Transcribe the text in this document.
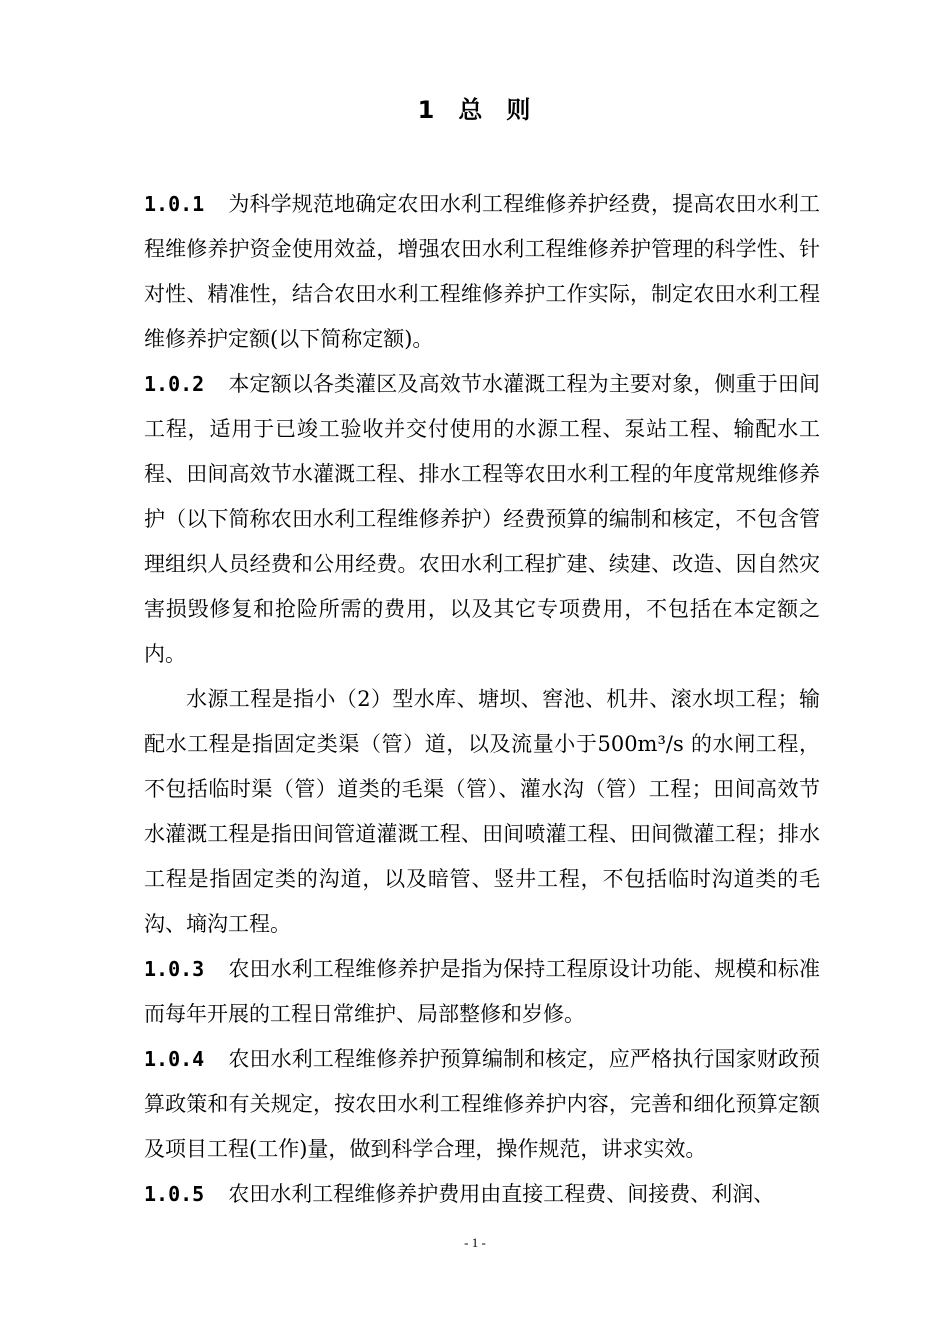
1 总 则

1.0.1 为科学规范地确定农田水利工程维修养护经费，提高农田水利工程维修养护资金使用效益，增强农田水利工程维修养护管理的科学性、针对性、精准性，结合农田水利工程维修养护工作实际，制定农田水利工程维修养护定额(以下简称定额)。

1.0.2 本定额以各类灌区及高效节水灌溉工程为主要对象，侧重于田间工程，适用于已竣工验收并交付使用的水源工程、泵站工程、输配水工程、田间高效节水灌溉工程、排水工程等农田水利工程的年度常规维修养护（以下简称农田水利工程维修养护）经费预算的编制和核定，不包含管理组织人员经费和公用经费。农田水利工程扩建、续建、改造、因自然灾害损毁修复和抢险所需的费用，以及其它专项费用，不包括在本定额之内。

水源工程是指小（2）型水库、塘坝、窖池、机井、滚水坝工程；输配水工程是指固定类渠（管）道，以及流量小于500m³/s 的水闸工程，不包括临时渠（管）道类的毛渠（管）、灌水沟（管）工程；田间高效节水灌溉工程是指田间管道灌溉工程、田间喷灌工程、田间微灌工程；排水工程是指固定类的沟道，以及暗管、竖井工程，不包括临时沟道类的毛沟、墒沟工程。

1.0.3 农田水利工程维修养护是指为保持工程原设计功能、规模和标准而每年开展的工程日常维护、局部整修和岁修。

1.0.4 农田水利工程维修养护预算编制和核定，应严格执行国家财政预算政策和有关规定，按农田水利工程维修养护内容，完善和细化预算定额及项目工程(工作)量，做到科学合理，操作规范，讲求实效。

1.0.5 农田水利工程维修养护费用由直接工程费、间接费、利润、

- 1 -
